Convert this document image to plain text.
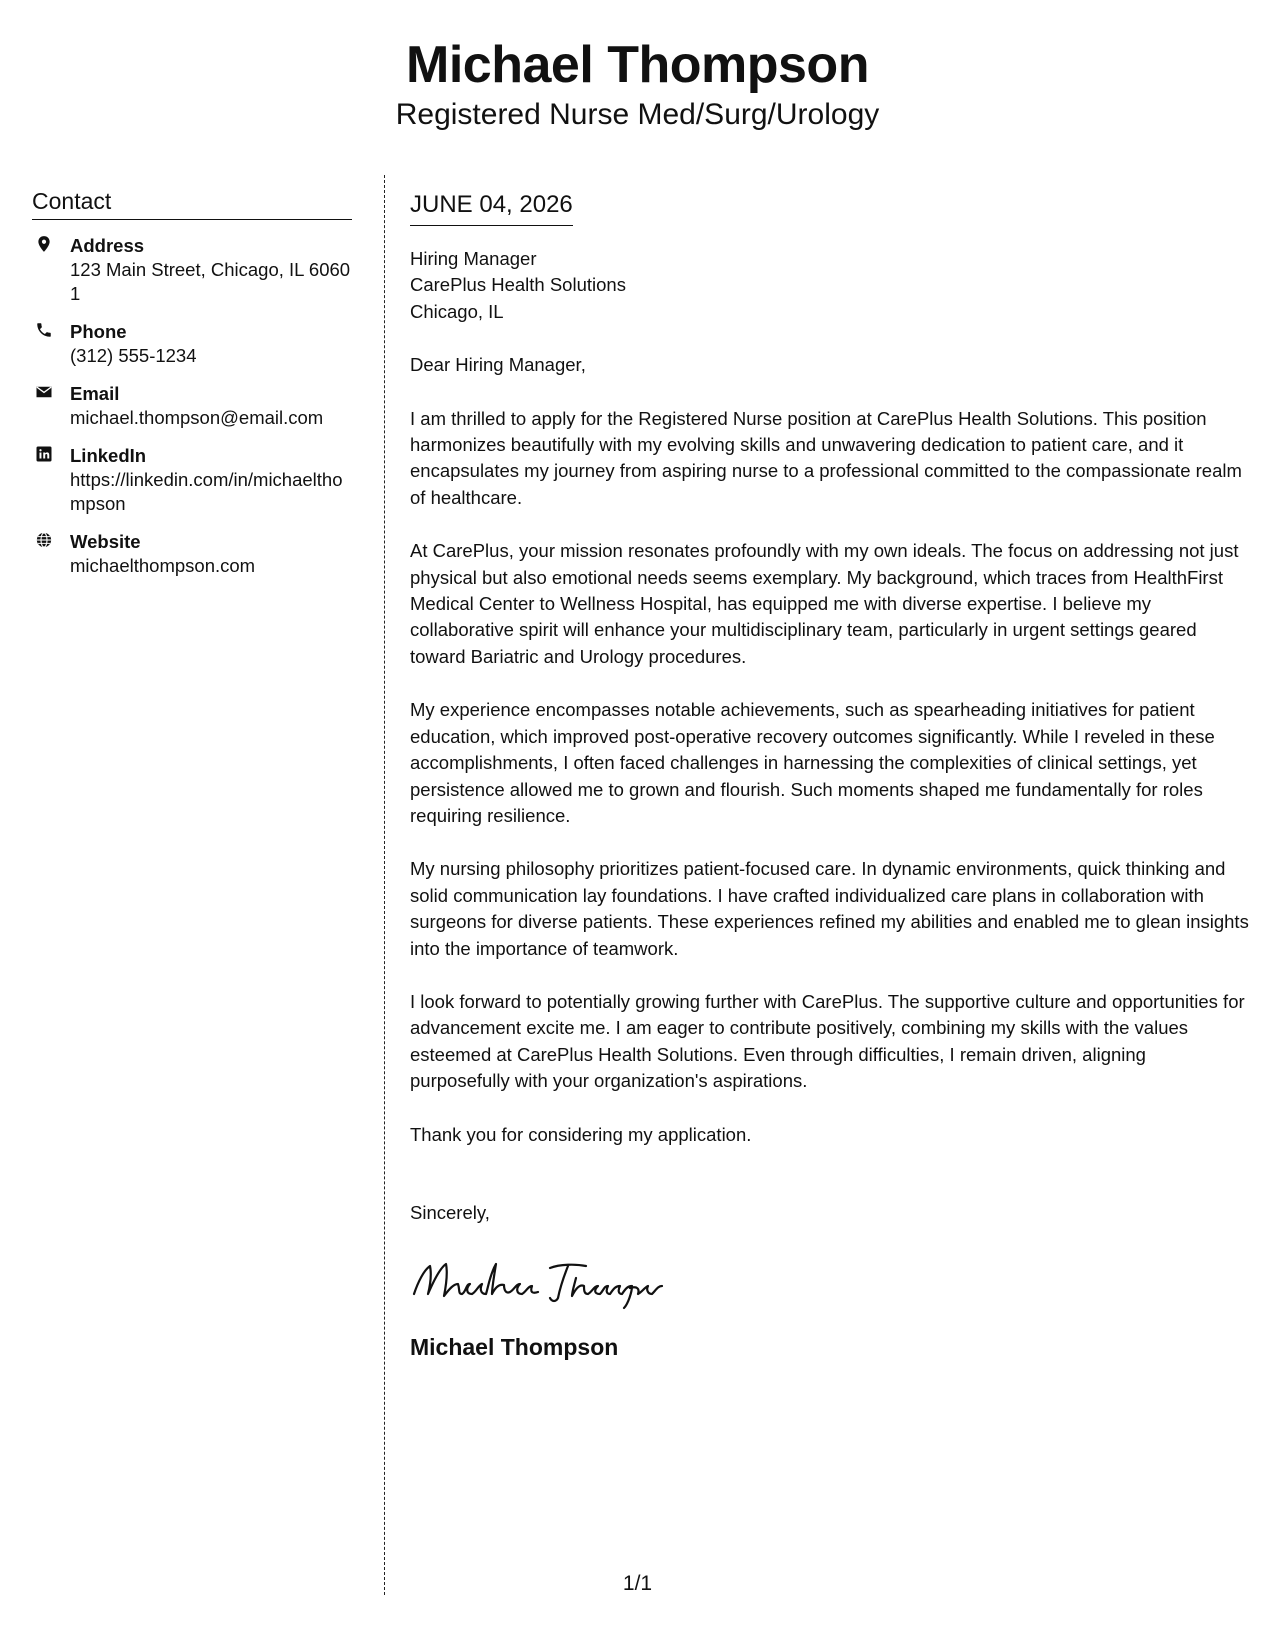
Michael Thompson
Registered Nurse Med/Surg/Urology
Contact
Address
123 Main Street, Chicago, IL 60601
Phone
(312) 555-1234
Email
michael.thompson@email.com
LinkedIn
https://linkedin.com/in/michaelthompson
Website
michaelthompson.com
JUNE 04, 2026
Hiring Manager
CarePlus Health Solutions
Chicago, IL
Dear Hiring Manager,
I am thrilled to apply for the Registered Nurse position at CarePlus Health Solutions. This position harmonizes beautifully with my evolving skills and unwavering dedication to patient care, and it encapsulates my journey from aspiring nurse to a professional committed to the compassionate realm of healthcare.
At CarePlus, your mission resonates profoundly with my own ideals. The focus on addressing not just physical but also emotional needs seems exemplary. My background, which traces from HealthFirst Medical Center to Wellness Hospital, has equipped me with diverse expertise. I believe my collaborative spirit will enhance your multidisciplinary team, particularly in urgent settings geared toward Bariatric and Urology procedures.
My experience encompasses notable achievements, such as spearheading initiatives for patient education, which improved post-operative recovery outcomes significantly. While I reveled in these accomplishments, I often faced challenges in harnessing the complexities of clinical settings, yet persistence allowed me to grown and flourish. Such moments shaped me fundamentally for roles requiring resilience.
My nursing philosophy prioritizes patient-focused care. In dynamic environments, quick thinking and solid communication lay foundations. I have crafted individualized care plans in collaboration with surgeons for diverse patients. These experiences refined my abilities and enabled me to glean insights into the importance of teamwork.
I look forward to potentially growing further with CarePlus. The supportive culture and opportunities for advancement excite me. I am eager to contribute positively, combining my skills with the values esteemed at CarePlus Health Solutions. Even through difficulties, I remain driven, aligning purposefully with your organization's aspirations.
Thank you for considering my application.
Sincerely,
Michael Thompson
1/1
